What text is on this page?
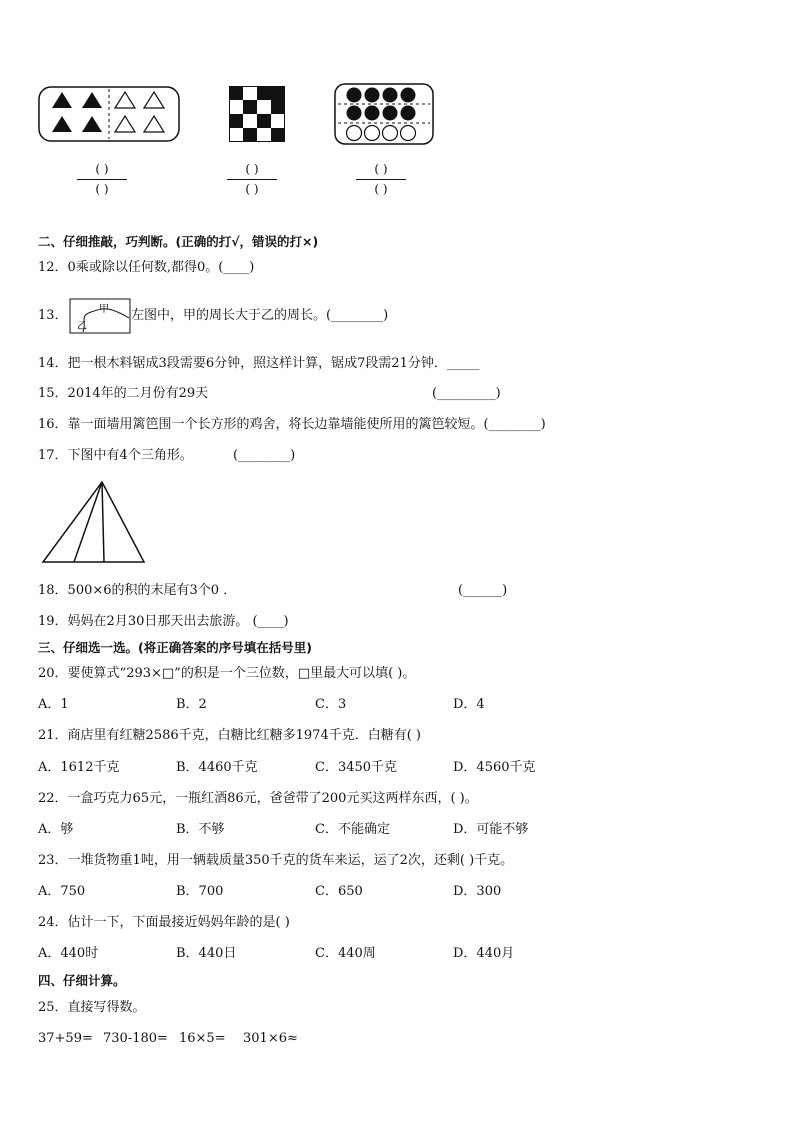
( )
( )
( )
( )
( )
( )
二、仔细推敲，巧判断。(正确的打√，错误的打×)
12．0乘或除以任何数,都得0。(____)
13．	甲
乙
左图中，甲的周长大于乙的周长。(________)
14．把一根木料锯成3段需要6分钟，照这样计算，锯成7段需21分钟．_____
15．2014年的二月份有29天	(_________)
16．靠一面墙用篱笆围一个长方形的鸡舍，将长边靠墙能使所用的篱笆较短。(________)
17．下图中有4个三角形。	(________)
18．500×6的积的末尾有3个0 ．	(______)
19．妈妈在2月30日那天出去旅游。 (____)
三、仔细选一选。(将正确答案的序号填在括号里)
20．要使算式“293×□”的积是一个三位数，□里最大可以填( )。
A．1	B．2	C．3	D．4
21．商店里有红糖2586千克，白糖比红糖多1974千克．白糖有( )
A．1612千克	B．4460千克	C．3450千克	D．4560千克
22．一盒巧克力65元，一瓶红酒86元，爸爸带了200元买这两样东西，( )。
A．够	B．不够	C．不能确定	D．可能不够
23．一堆货物重1吨，用一辆载质量350千克的货车来运，运了2次，还剩( )千克。
A．750	B．700	C．650	D．300
24．估计一下，下面最接近妈妈年龄的是( )
A．440时	B．440日	C．440周	D．440月
四、仔细计算。
25．直接写得数。
37+59= 730-180= 16×5= 301×6≈
